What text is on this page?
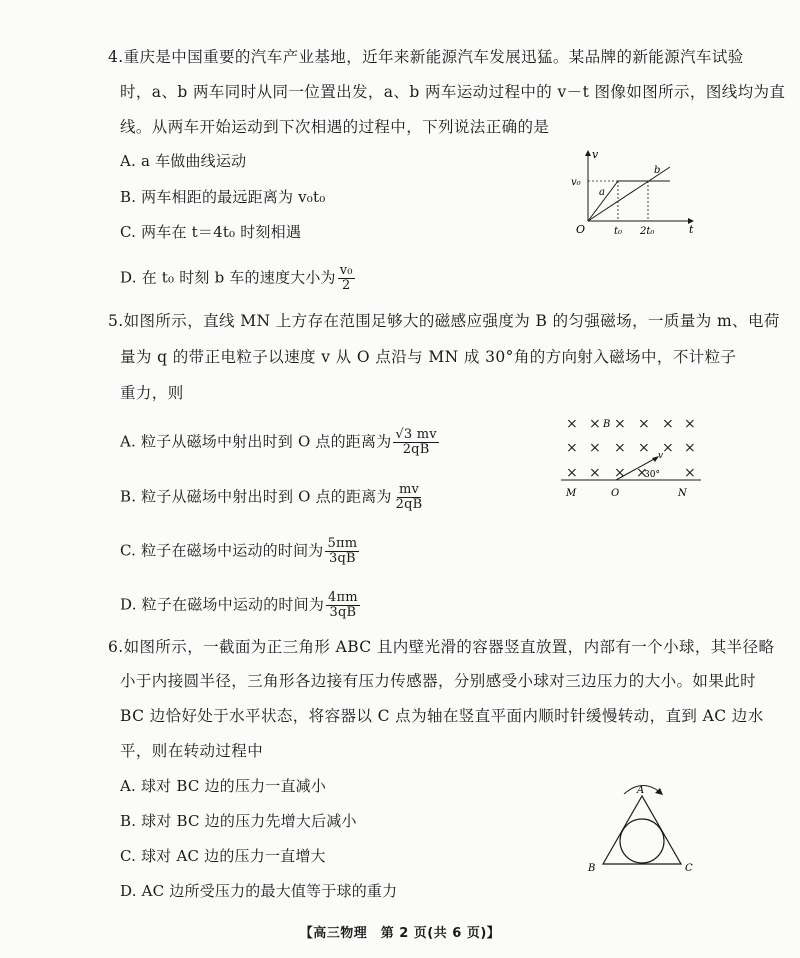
4.重庆是中国重要的汽车产业基地，近年来新能源汽车发展迅猛。某品牌的新能源汽车试验
时，a、b 两车同时从同一位置出发，a、b 两车运动过程中的 v－t 图像如图所示，图线均为直
线。从两车开始运动到下次相遇的过程中，下列说法正确的是
A. a 车做曲线运动
B. 两车相距的最远距离为 v₀t₀
C. 两车在 t＝4t₀ 时刻相遇
D. 在 t₀ 时刻 b 车的速度大小为 $\frac{\text{v₀}}{2}$
v
t
O
v₀
t₀ 2t₀
a
b
5.如图所示，直线 MN 上方存在范围足够大的磁感应强度为 B 的匀强磁场，一质量为 m、电荷
量为 q 的带正电粒子以速度 v 从 O 点沿与 MN 成 30°角的方向射入磁场中，不计粒子
重力，则
A. 粒子从磁场中射出时到 O 点的距离为 $\frac{√3 mv}{2qB}$
B. 粒子从磁场中射出时到 O 点的距离为 $\frac{mv}{2qB}$
C. 粒子在磁场中运动的时间为 $\frac{5\pi m}{3qB}$
D. 粒子在磁场中运动的时间为 $\frac{4\pi m}{3qB}$
× × × × × ×
× × × × × ×
× × × ×	×
B
v
30°
M	O	N
6.如图所示，一截面为正三角形 ABC 且内壁光滑的容器竖直放置，内部有一个小球，其半径略
小于内接圆半径，三角形各边接有压力传感器，分别感受小球对三边压力的大小。如果此时
BC 边恰好处于水平状态，将容器以 C 点为轴在竖直平面内顺时针缓慢转动，直到 AC 边水
平，则在转动过程中
A. 球对 BC 边的压力一直减小
B. 球对 BC 边的压力先增大后减小
C. 球对 AC 边的压力一直增大
D. AC 边所受压力的最大值等于球的重力
A
B	C
【高三物理　第 2 页(共 6 页)】
